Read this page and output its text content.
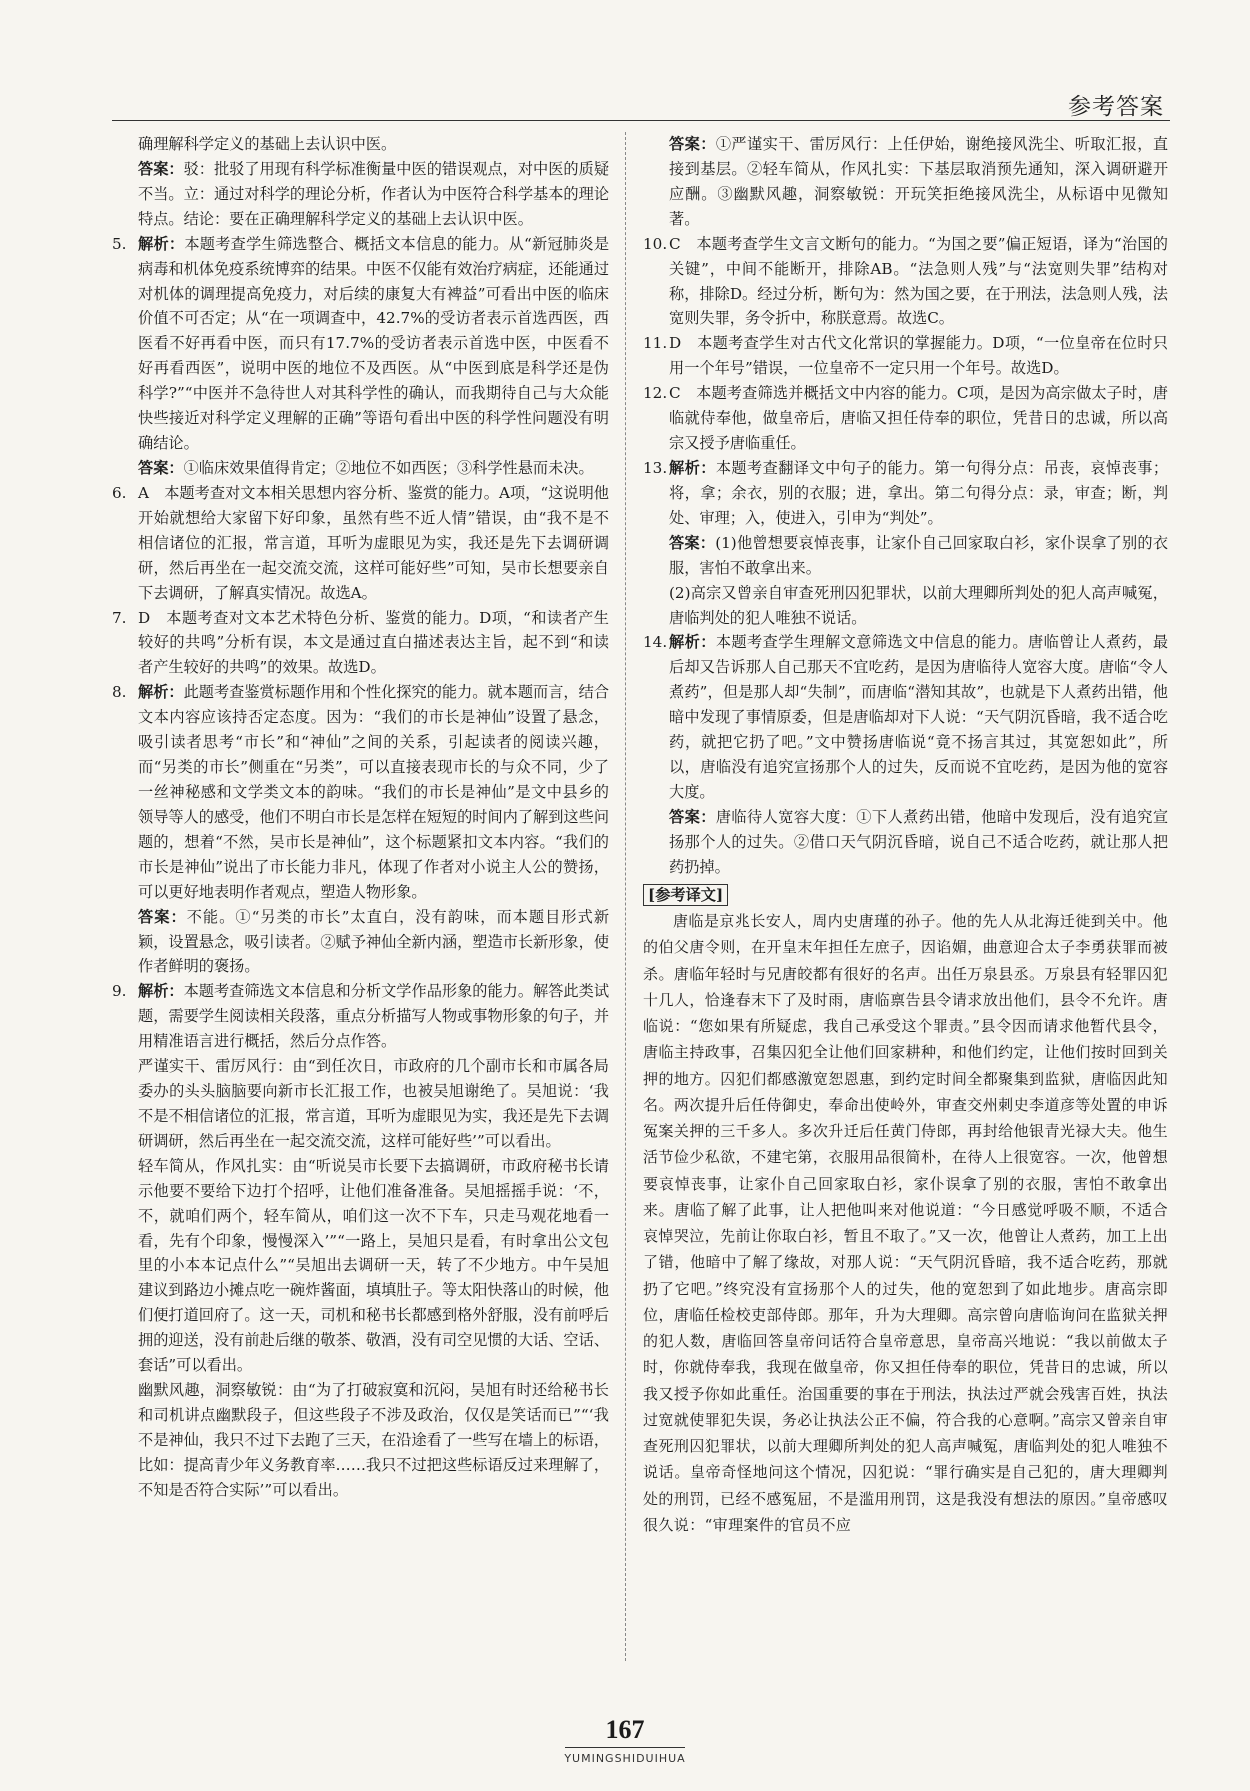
参考答案

确理解科学定义的基础上去认识中医。

答案：驳：批驳了用现有科学标准衡量中医的错误观点，对中医的质疑不当。立：通过对科学的理论分析，作者认为中医符合科学基本的理论特点。结论：要在正确理解科学定义的基础上去认识中医。

5. 解析：本题考查学生筛选整合、概括文本信息的能力。从“新冠肺炎是病毒和机体免疫系统博弈的结果。中医不仅能有效治疗病症，还能通过对机体的调理提高免疫力，对后续的康复大有裨益”可看出中医的临床价值不可否定；从“在一项调查中，42.7%的受访者表示首选西医，西医看不好再看中医，而只有17.7%的受访者表示首选中医，中医看不好再看西医”，说明中医的地位不及西医。从“中医到底是科学还是伪科学?”“中医并不急待世人对其科学性的确认，而我期待自己与大众能快些接近对科学定义理解的正确”等语句看出中医的科学性问题没有明确结论。

答案：①临床效果值得肯定；②地位不如西医；③科学性悬而未决。

6. A　本题考查对文本相关思想内容分析、鉴赏的能力。A项，“这说明他开始就想给大家留下好印象，虽然有些不近人情”错误，由“我不是不相信诸位的汇报，常言道，耳听为虚眼见为实，我还是先下去调研调研，然后再坐在一起交流交流，这样可能好些”可知，吴市长想要亲自下去调研，了解真实情况。故选A。
7. D　本题考查对文本艺术特色分析、鉴赏的能力。D项，“和读者产生较好的共鸣”分析有误，本文是通过直白描述表达主旨，起不到“和读者产生较好的共鸣”的效果。故选D。
8. 解析：此题考查鉴赏标题作用和个性化探究的能力。就本题而言，结合文本内容应该持否定态度。因为：“我们的市长是神仙”设置了悬念，吸引读者思考“市长”和“神仙”之间的关系，引起读者的阅读兴趣，而“另类的市长”侧重在“另类”，可以直接表现市长的与众不同，少了一丝神秘感和文学类文本的韵味。“我们的市长是神仙”是文中县乡的领导等人的感受，他们不明白市长是怎样在短短的时间内了解到这些问题的，想着“不然，吴市长是神仙”，这个标题紧扣文本内容。“我们的市长是神仙”说出了市长能力非凡，体现了作者对小说主人公的赞扬，可以更好地表明作者观点，塑造人物形象。

答案：不能。①“另类的市长”太直白，没有韵味，而本题目形式新颖，设置悬念，吸引读者。②赋予神仙全新内涵，塑造市长新形象，使作者鲜明的褒扬。

9. 解析：本题考查筛选文本信息和分析文学作品形象的能力。解答此类试题，需要学生阅读相关段落，重点分析描写人物或事物形象的句子，并用精准语言进行概括，然后分点作答。

严谨实干、雷厉风行：由“到任次日，市政府的几个副市长和市属各局委办的头头脑脑要向新市长汇报工作，也被吴旭谢绝了。吴旭说：‘我不是不相信诸位的汇报，常言道，耳听为虚眼见为实，我还是先下去调研调研，然后再坐在一起交流交流，这样可能好些’”可以看出。

轻车简从，作风扎实：由“听说吴市长要下去搞调研，市政府秘书长请示他要不要给下边打个招呼，让他们准备准备。吴旭摇摇手说：‘不，不，就咱们两个，轻车简从，咱们这一次不下车，只走马观花地看一看，先有个印象，慢慢深入’”“一路上，吴旭只是看，有时拿出公文包里的小本本记点什么”“吴旭出去调研一天，转了不少地方。中午吴旭建议到路边小摊点吃一碗炸酱面，填填肚子。等太阳快落山的时候，他们便打道回府了。这一天，司机和秘书长都感到格外舒服，没有前呼后拥的迎送，没有前赴后继的敬茶、敬酒，没有司空见惯的大话、空话、套话”可以看出。

幽默风趣，洞察敏锐：由“为了打破寂寞和沉闷，吴旭有时还给秘书长和司机讲点幽默段子，但这些段子不涉及政治，仅仅是笑话而已”“‘我不是神仙，我只不过下去跑了三天，在沿途看了一些写在墙上的标语，比如：提高青少年义务教育率……我只不过把这些标语反过来理解了，不知是否符合实际’”可以看出。

答案：①严谨实干、雷厉风行：上任伊始，谢绝接风洗尘、听取汇报，直接到基层。②轻车简从，作风扎实：下基层取消预先通知，深入调研避开应酬。③幽默风趣，洞察敏锐：开玩笑拒绝接风洗尘，从标语中见微知著。

10. C　本题考查学生文言文断句的能力。“为国之要”偏正短语，译为“治国的关键”，中间不能断开，排除AB。“法急则人残”与“法宽则失罪”结构对称，排除D。经过分析，断句为：然为国之要，在于刑法，法急则人残，法宽则失罪，务令折中，称朕意焉。故选C。
11. D　本题考查学生对古代文化常识的掌握能力。D项，“一位皇帝在位时只用一个年号”错误，一位皇帝不一定只用一个年号。故选D。
12. C　本题考查筛选并概括文中内容的能力。C项，是因为高宗做太子时，唐临就侍奉他，做皇帝后，唐临又担任侍奉的职位，凭昔日的忠诚，所以高宗又授予唐临重任。
13. 解析：本题考查翻译文中句子的能力。第一句得分点：吊丧，哀悼丧事；将，拿；余衣，别的衣服；进，拿出。第二句得分点：录，审查；断，判处、审理；入，使进入，引申为“判处”。

答案：(1)他曾想要哀悼丧事，让家仆自己回家取白衫，家仆误拿了别的衣服，害怕不敢拿出来。

(2)高宗又曾亲自审查死刑囚犯罪状，以前大理卿所判处的犯人高声喊冤，唐临判处的犯人唯独不说话。

14. 解析：本题考查学生理解文意筛选文中信息的能力。唐临曾让人煮药，最后却又告诉那人自己那天不宜吃药，是因为唐临待人宽容大度。唐临“令人煮药”，但是那人却“失制”，而唐临“潜知其故”，也就是下人煮药出错，他暗中发现了事情原委，但是唐临却对下人说：“天气阴沉昏暗，我不适合吃药，就把它扔了吧。”文中赞扬唐临说“竟不扬言其过，其宽恕如此”，所以，唐临没有追究宣扬那个人的过失，反而说不宜吃药，是因为他的宽容大度。

答案：唐临待人宽容大度：①下人煮药出错，他暗中发现后，没有追究宣扬那个人的过失。②借口天气阴沉昏暗，说自己不适合吃药，就让那人把药扔掉。

[参考译文]

唐临是京兆长安人，周内史唐瑾的孙子。他的先人从北海迁徙到关中。他的伯父唐令则，在开皇末年担任左庶子，因谄媚，曲意迎合太子李勇获罪而被杀。唐临年轻时与兄唐皎都有很好的名声。出任万泉县丞。万泉县有轻罪囚犯十几人，恰逢春末下了及时雨，唐临禀告县令请求放出他们，县令不允许。唐临说：“您如果有所疑虑，我自己承受这个罪责。”县令因而请求他暂代县令，唐临主持政事，召集囚犯全让他们回家耕种，和他们约定，让他们按时回到关押的地方。囚犯们都感激宽恕恩惠，到约定时间全都聚集到监狱，唐临因此知名。两次提升后任侍御史，奉命出使岭外，审查交州刺史李道彦等处置的申诉冤案关押的三千多人。多次升迁后任黄门侍郎，再封给他银青光禄大夫。他生活节俭少私欲，不建宅第，衣服用品很简朴，在待人上很宽容。一次，他曾想要哀悼丧事，让家仆自己回家取白衫，家仆误拿了别的衣服，害怕不敢拿出来。唐临了解了此事，让人把他叫来对他说道：“今日感觉呼吸不顺，不适合哀悼哭泣，先前让你取白衫，暂且不取了。”又一次，他曾让人煮药，加工上出了错，他暗中了解了缘故，对那人说：“天气阴沉昏暗，我不适合吃药，那就扔了它吧。”终究没有宣扬那个人的过失，他的宽恕到了如此地步。唐高宗即位，唐临任检校吏部侍郎。那年，升为大理卿。高宗曾向唐临询问在监狱关押的犯人数，唐临回答皇帝问话符合皇帝意思，皇帝高兴地说：“我以前做太子时，你就侍奉我，我现在做皇帝，你又担任侍奉的职位，凭昔日的忠诚，所以我又授予你如此重任。治国重要的事在于刑法，执法过严就会残害百姓，执法过宽就使罪犯失误，务必让执法公正不偏，符合我的心意啊。”高宗又曾亲自审查死刑囚犯罪状，以前大理卿所判处的犯人高声喊冤，唐临判处的犯人唯独不说话。皇帝奇怪地问这个情况，囚犯说：“罪行确实是自己犯的，唐大理卿判处的刑罚，已经不感冤屈，不是滥用刑罚，这是我没有想法的原因。”皇帝感叹很久说：“审理案件的官员不应

167
YUMINGSHIDUIHUA
